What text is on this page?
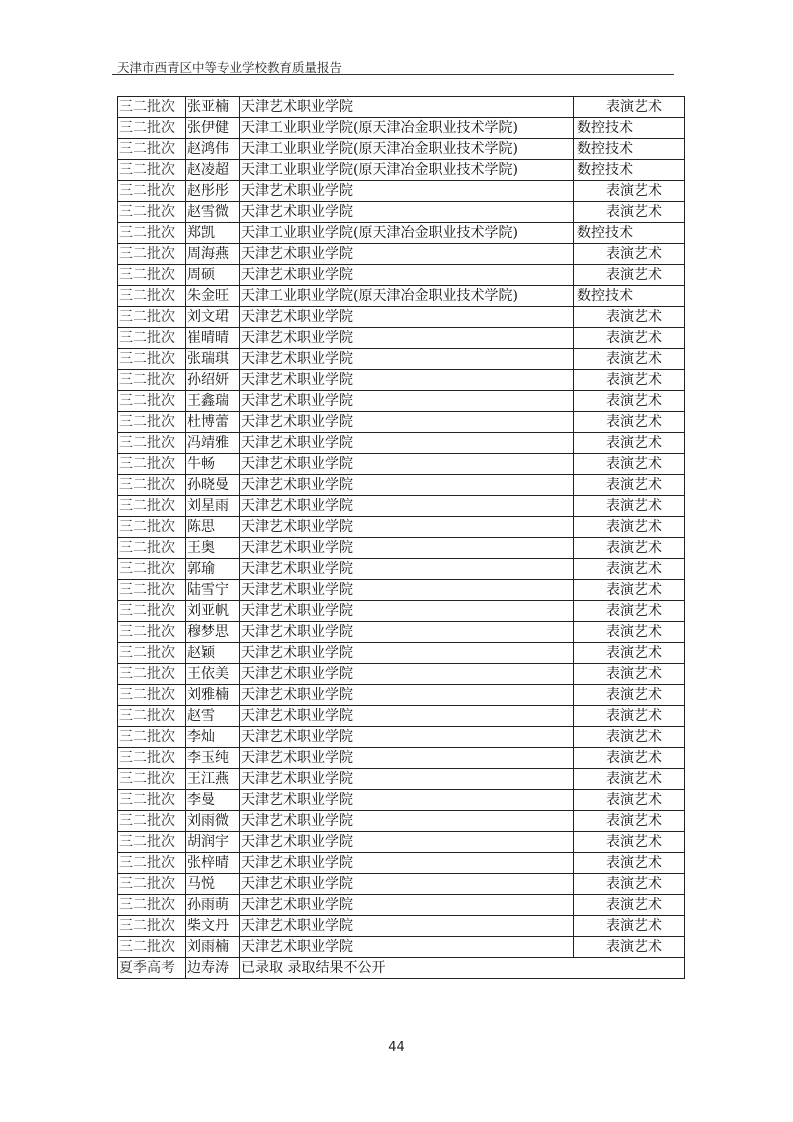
天津市西青区中等专业学校教育质量报告
三二批次	张亚楠	天津艺术职业学院	表演艺术
三二批次	张伊健	天津工业职业学院(原天津冶金职业技术学院)	数控技术
三二批次	赵鸿伟	天津工业职业学院(原天津冶金职业技术学院)	数控技术
三二批次	赵凌超	天津工业职业学院(原天津冶金职业技术学院)	数控技术
三二批次	赵彤彤	天津艺术职业学院	表演艺术
三二批次	赵雪微	天津艺术职业学院	表演艺术
三二批次	郑凯	天津工业职业学院(原天津冶金职业技术学院)	数控技术
三二批次	周海燕	天津艺术职业学院	表演艺术
三二批次	周硕	天津艺术职业学院	表演艺术
三二批次	朱金旺	天津工业职业学院(原天津冶金职业技术学院)	数控技术
三二批次	刘文珺	天津艺术职业学院	表演艺术
三二批次	崔晴晴	天津艺术职业学院	表演艺术
三二批次	张瑞琪	天津艺术职业学院	表演艺术
三二批次	孙绍妍	天津艺术职业学院	表演艺术
三二批次	王鑫瑞	天津艺术职业学院	表演艺术
三二批次	杜博蕾	天津艺术职业学院	表演艺术
三二批次	冯靖雅	天津艺术职业学院	表演艺术
三二批次	牛畅	天津艺术职业学院	表演艺术
三二批次	孙晓曼	天津艺术职业学院	表演艺术
三二批次	刘星雨	天津艺术职业学院	表演艺术
三二批次	陈思	天津艺术职业学院	表演艺术
三二批次	王奥	天津艺术职业学院	表演艺术
三二批次	郭瑜	天津艺术职业学院	表演艺术
三二批次	陆雪宁	天津艺术职业学院	表演艺术
三二批次	刘亚帆	天津艺术职业学院	表演艺术
三二批次	穆梦思	天津艺术职业学院	表演艺术
三二批次	赵颖	天津艺术职业学院	表演艺术
三二批次	王依美	天津艺术职业学院	表演艺术
三二批次	刘雅楠	天津艺术职业学院	表演艺术
三二批次	赵雪	天津艺术职业学院	表演艺术
三二批次	李灿	天津艺术职业学院	表演艺术
三二批次	李玉纯	天津艺术职业学院	表演艺术
三二批次	王江燕	天津艺术职业学院	表演艺术
三二批次	李曼	天津艺术职业学院	表演艺术
三二批次	刘雨微	天津艺术职业学院	表演艺术
三二批次	胡润宇	天津艺术职业学院	表演艺术
三二批次	张梓晴	天津艺术职业学院	表演艺术
三二批次	马悦	天津艺术职业学院	表演艺术
三二批次	孙雨萌	天津艺术职业学院	表演艺术
三二批次	柴文丹	天津艺术职业学院	表演艺术
三二批次	刘雨楠	天津艺术职业学院	表演艺术
夏季高考	边寿涛	已录取 录取结果不公开	
44
